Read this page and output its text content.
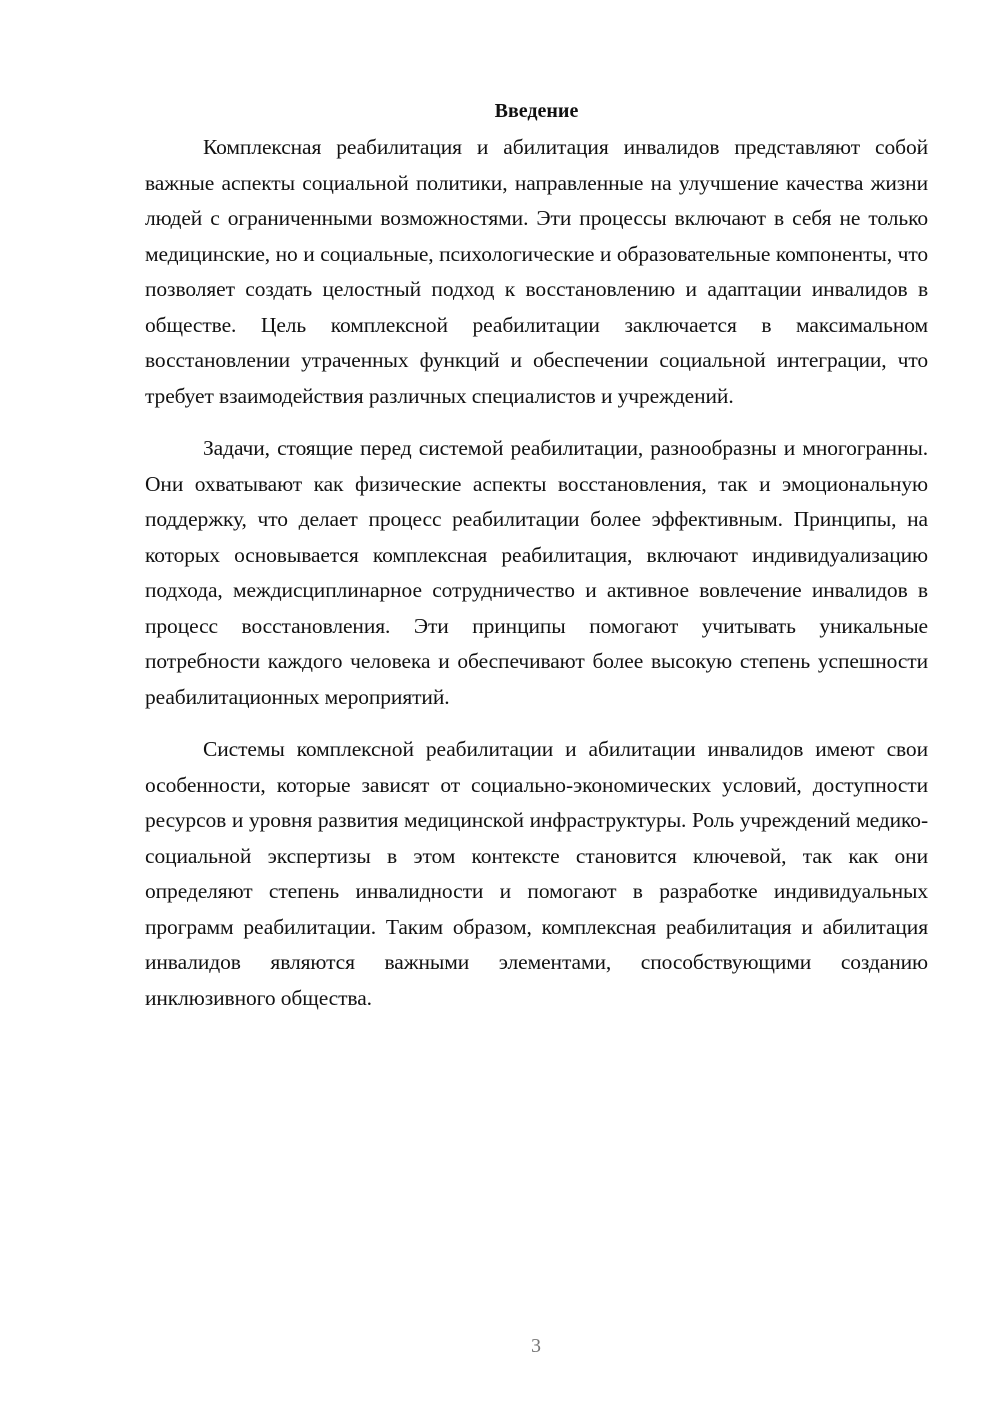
Введение

Комплексная реабилитация и абилитация инвалидов представляют собой важные аспекты социальной политики, направленные на улучшение качества жизни людей с ограниченными возможностями. Эти процессы включают в себя не только медицинские, но и социальные, психологические и образовательные компоненты, что позволяет создать целостный подход к восстановлению и адаптации инвалидов в обществе. Цель комплексной реабилитации заключается в максимальном восстановлении утраченных функций и обеспечении социальной интеграции, что требует взаимодействия различных специалистов и учреждений.

Задачи, стоящие перед системой реабилитации, разнообразны и многогранны. Они охватывают как физические аспекты восстановления, так и эмоциональную поддержку, что делает процесс реабилитации более эффективным. Принципы, на которых основывается комплексная реабилитация, включают индивидуализацию подхода, междисциплинарное сотрудничество и активное вовлечение инвалидов в процесс восстановления. Эти принципы помогают учитывать уникальные потребности каждого человека и обеспечивают более высокую степень успешности реабилитационных мероприятий.

Системы комплексной реабилитации и абилитации инвалидов имеют свои особенности, которые зависят от социально-экономических условий, доступности ресурсов и уровня развития медицинской инфраструктуры. Роль учреждений медико-социальной экспертизы в этом контексте становится ключевой, так как они определяют степень инвалидности и помогают в разработке индивидуальных программ реабилитации. Таким образом, комплексная реабилитация и абилитация инвалидов являются важными элементами, способствующими созданию инклюзивного общества.

3
